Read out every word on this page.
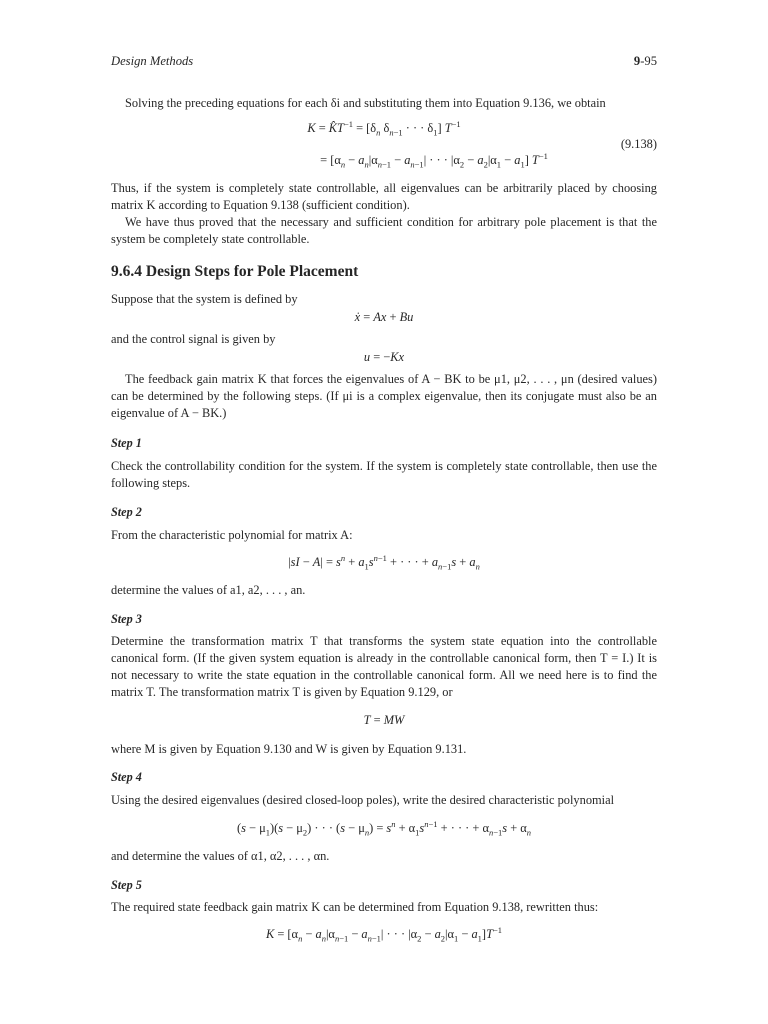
Design Methods	9-95
Solving the preceding equations for each δi and substituting them into Equation 9.136, we obtain
$K = K̂T^{-1} = [\delta_n$ $\delta_{n-1}$ · · · $\delta_1$] $T^{-1}$
(9.138)
= [$\alpha_n - a_n|\alpha_{n-1} - a_{n-1}|$ · · · $|\alpha_2 - a_2|\alpha_1 - a_1$] $T^{-1}$
Thus, if the system is completely state controllable, all eigenvalues can be arbitrarily placed by choosing matrix K according to Equation 9.138 (sufficient condition).
We have thus proved that the necessary and sufficient condition for arbitrary pole placement is that the system be completely state controllable.
9.6.4 Design Steps for Pole Placement
Suppose that the system is defined by
ẋ = Ax + Bu
and the control signal is given by
u = −Kx
The feedback gain matrix K that forces the eigenvalues of A − BK to be μ1, μ2, . . . , μn (desired values) can be determined by the following steps. (If μi is a complex eigenvalue, then its conjugate must also be an eigenvalue of A − BK.)
Step 1
Check the controllability condition for the system. If the system is completely state controllable, then use the following steps.
Step 2
From the characteristic polynomial for matrix A:
$|sI - A| = s^n + a_1s^{n-1}$ + · · · + $a_{n-1}s + a_n$
determine the values of a1, a2, . . . , an.
Step 3
Determine the transformation matrix T that transforms the system state equation into the controllable canonical form. (If the given system equation is already in the controllable canonical form, then T = I.) It is not necessary to write the state equation in the controllable canonical form. All we need here is to find the matrix T. The transformation matrix T is given by Equation 9.129, or
T = MW
where M is given by Equation 9.130 and W is given by Equation 9.131.
Step 4
Using the desired eigenvalues (desired closed-loop poles), write the desired characteristic polynomial
$(s - \mu_1)(s - \mu_2)$ · · · $(s - \mu_n) = s^n + \alpha_1s^{n-1}$ + · · · + $\alpha_{n-1}s + \alpha_n$
and determine the values of α1, α2, . . . , αn.
Step 5
The required state feedback gain matrix K can be determined from Equation 9.138, rewritten thus:
$K = [\alpha_n - a_n|\alpha_{n-1} - a_{n-1}|$ · · · $|\alpha_2 - a_2|\alpha_1 - a_1]T^{-1}$
